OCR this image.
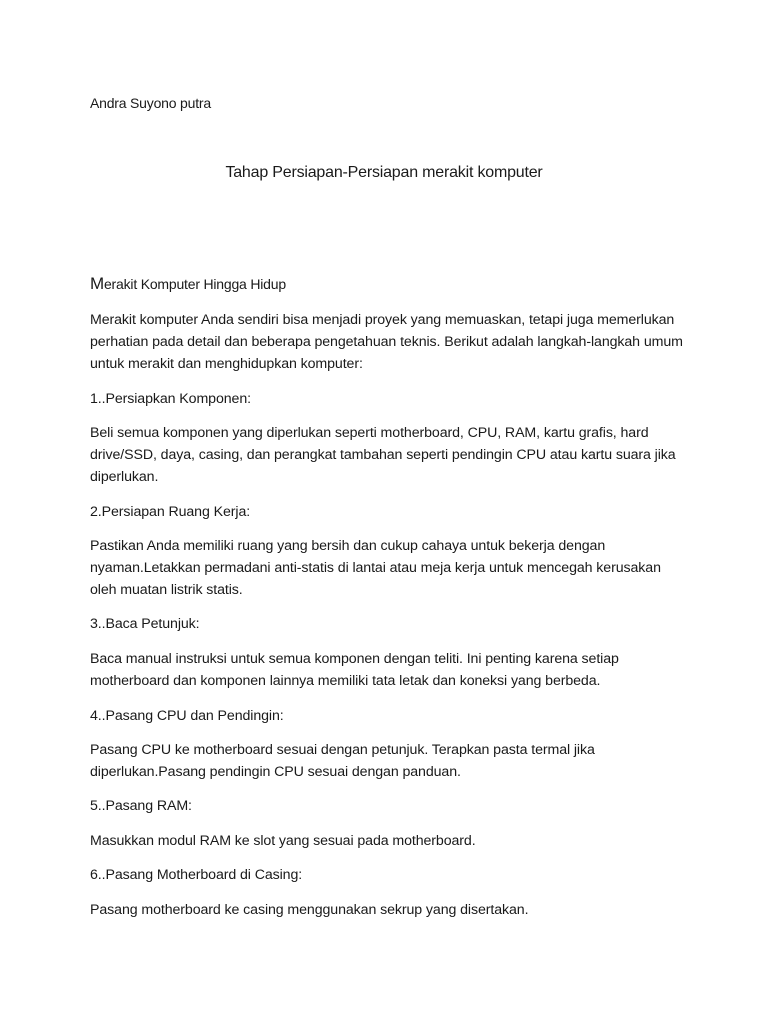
Andra Suyono putra
Tahap Persiapan-Persiapan merakit komputer
Merakit Komputer Hingga Hidup

Merakit komputer Anda sendiri bisa menjadi proyek yang memuaskan, tetapi juga memerlukan perhatian pada detail dan beberapa pengetahuan teknis. Berikut adalah langkah-langkah umum untuk merakit dan menghidupkan komputer:

1..Persiapkan Komponen:

Beli semua komponen yang diperlukan seperti motherboard, CPU, RAM, kartu grafis, hard drive/SSD, daya, casing, dan perangkat tambahan seperti pendingin CPU atau kartu suara jika diperlukan.

2.Persiapan Ruang Kerja:

Pastikan Anda memiliki ruang yang bersih dan cukup cahaya untuk bekerja dengan nyaman.Letakkan permadani anti-statis di lantai atau meja kerja untuk mencegah kerusakan oleh muatan listrik statis.

3..Baca Petunjuk:

Baca manual instruksi untuk semua komponen dengan teliti. Ini penting karena setiap motherboard dan komponen lainnya memiliki tata letak dan koneksi yang berbeda.

4..Pasang CPU dan Pendingin:

Pasang CPU ke motherboard sesuai dengan petunjuk. Terapkan pasta termal jika diperlukan.Pasang pendingin CPU sesuai dengan panduan.

5..Pasang RAM:

Masukkan modul RAM ke slot yang sesuai pada motherboard.

6..Pasang Motherboard di Casing:

Pasang motherboard ke casing menggunakan sekrup yang disertakan.
